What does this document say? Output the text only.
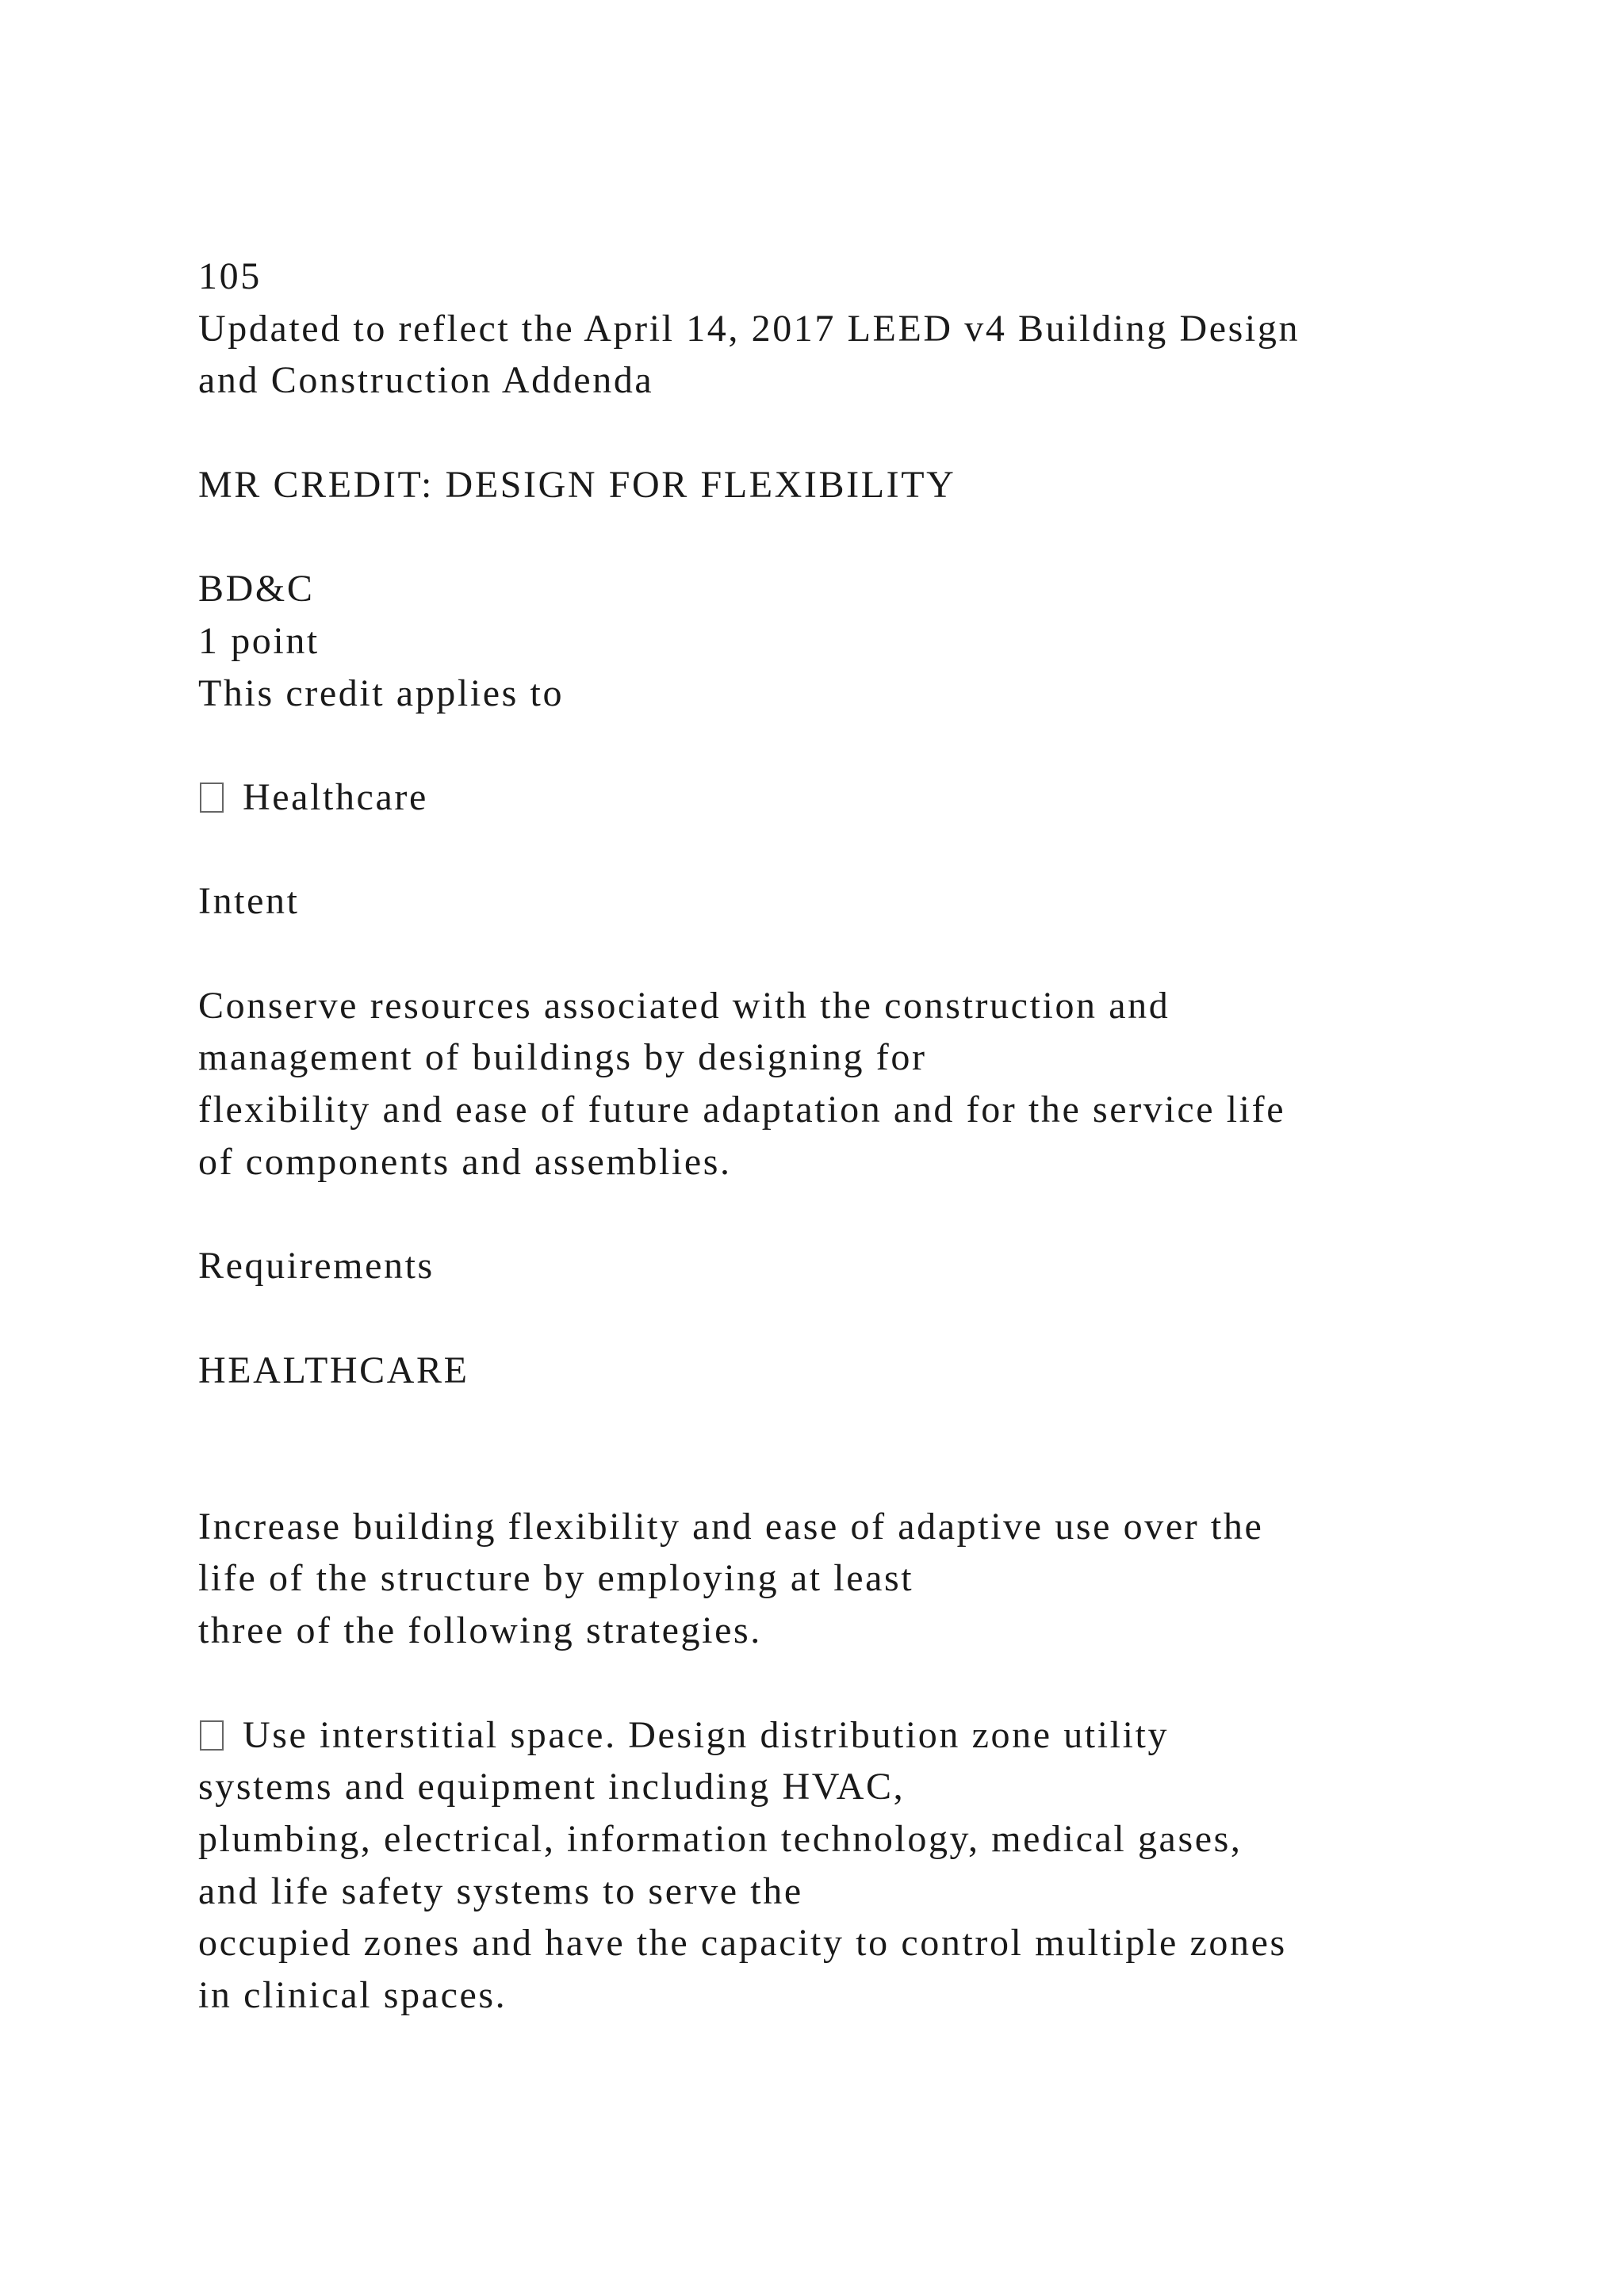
105
Updated to reflect the April 14, 2017 LEED v4 Building Design
and Construction Addenda
MR CREDIT: DESIGN FOR FLEXIBILITY
BD&C
1 point
This credit applies to
Healthcare
Intent
Conserve resources associated with the construction and
management of buildings by designing for
flexibility and ease of future adaptation and for the service life
of components and assemblies.
Requirements
HEALTHCARE
Increase building flexibility and ease of adaptive use over the
life of the structure by employing at least
three of the following strategies.
Use interstitial space. Design distribution zone utility
systems and equipment including HVAC,
plumbing, electrical, information technology, medical gases,
and life safety systems to serve the
occupied zones and have the capacity to control multiple zones
in clinical spaces.
